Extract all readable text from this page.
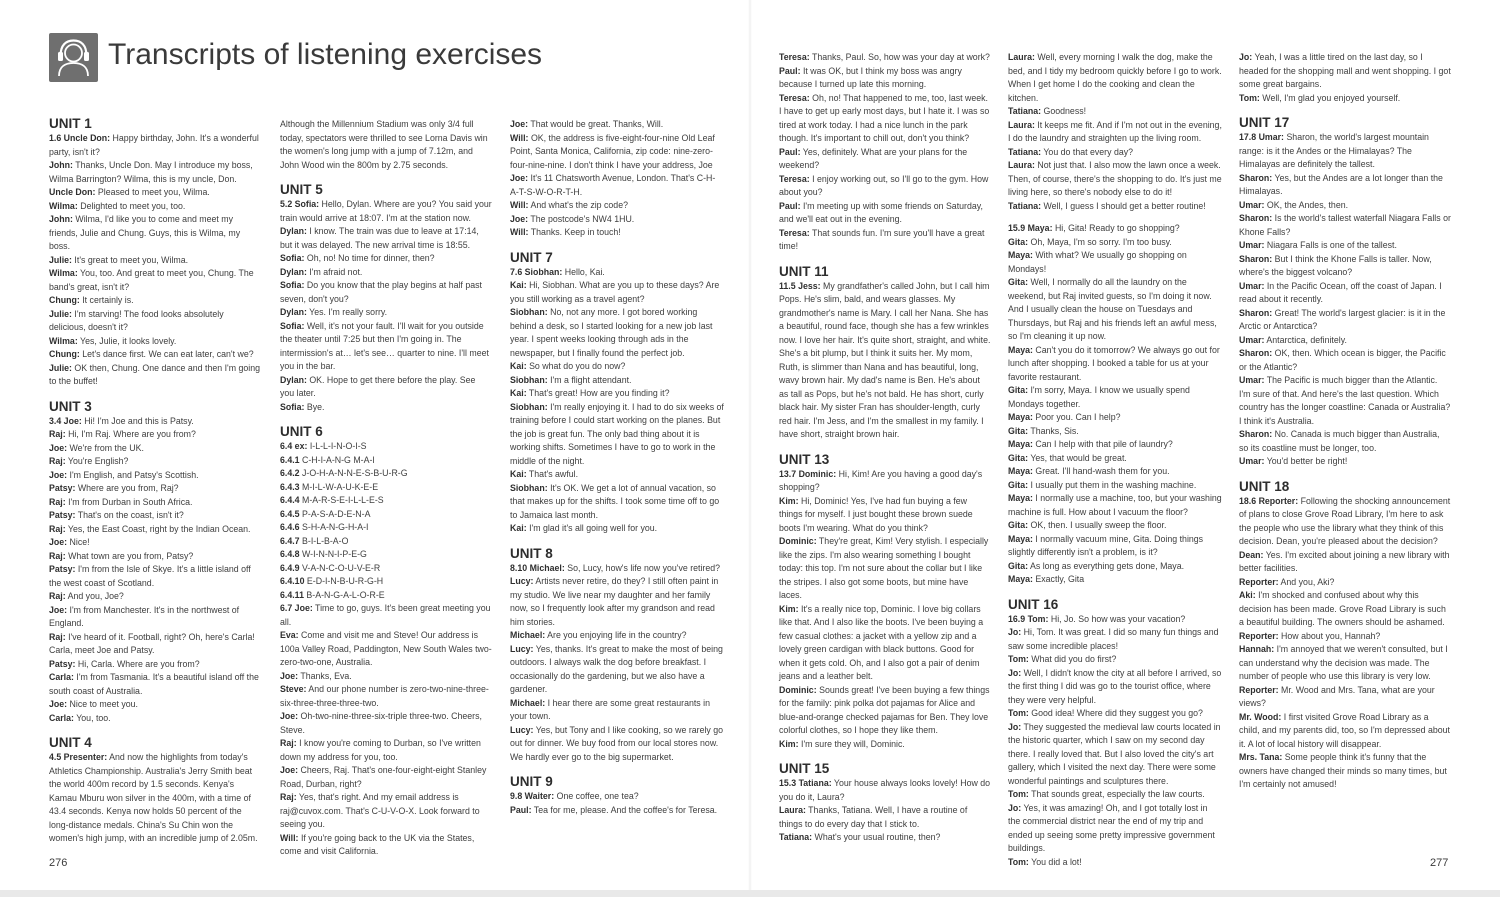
Transcripts of listening exercises

UNIT 1

1.6 Uncle Don: Happy birthday, John. It's a wonderful party, isn't it?

John: Thanks, Uncle Don. May I introduce my boss, Wilma Barrington? Wilma, this is my uncle, Don.

Uncle Don: Pleased to meet you, Wilma.

Wilma: Delighted to meet you, too.

John: Wilma, I'd like you to come and meet my friends, Julie and Chung. Guys, this is Wilma, my boss.

Julie: It's great to meet you, Wilma.

Wilma: You, too. And great to meet you, Chung. The band's great, isn't it?

Chung: It certainly is.

Julie: I'm starving! The food looks absolutely delicious, doesn't it?

Wilma: Yes, Julie, it looks lovely.

Chung: Let's dance first. We can eat later, can't we?

Julie: OK then, Chung. One dance and then I'm going to the buffet!

UNIT 3

3.4 Joe: Hi! I'm Joe and this is Patsy.

Raj: Hi, I'm Raj. Where are you from?

Joe: We're from the UK.

Raj: You're English?

Joe: I'm English, and Patsy's Scottish.

Patsy: Where are you from, Raj?

Raj: I'm from Durban in South Africa.

Patsy: That's on the coast, isn't it?

Raj: Yes, the East Coast, right by the Indian Ocean.

Joe: Nice!

Raj: What town are you from, Patsy?

Patsy: I'm from the Isle of Skye. It's a little island off the west coast of Scotland.

Raj: And you, Joe?

Joe: I'm from Manchester. It's in the northwest of England.

Raj: I've heard of it. Football, right? Oh, here's Carla! Carla, meet Joe and Patsy.

Patsy: Hi, Carla. Where are you from?

Carla: I'm from Tasmania. It's a beautiful island off the south coast of Australia.

Joe: Nice to meet you.

Carla: You, too.

UNIT 4

4.5 Presenter: And now the highlights from today's Athletics Championship. Australia's Jerry Smith beat the world 400m record by 1.5 seconds. Kenya's Kamau Mburu won silver in the 400m, with a time of 43.4 seconds. Kenya now holds 50 percent of the long-distance medals. China's Su Chin won the women's high jump, with an incredible jump of 2.05m.

Although the Millennium Stadium was only 3/4 full today, spectators were thrilled to see Lorna Davis win the women's long jump with a jump of 7.12m, and John Wood win the 800m by 2.75 seconds.

UNIT 5

5.2 Sofia: Hello, Dylan. Where are you? You said your train would arrive at 18:07. I'm at the station now.

Dylan: I know. The train was due to leave at 17:14, but it was delayed. The new arrival time is 18:55.

Sofia: Oh, no! No time for dinner, then?

Dylan: I'm afraid not.

Sofia: Do you know that the play begins at half past seven, don't you?

Dylan: Yes. I'm really sorry.

Sofia: Well, it's not your fault. I'll wait for you outside the theater until 7:25 but then I'm going in. The intermission's at… let's see… quarter to nine. I'll meet you in the bar.

Dylan: OK. Hope to get there before the play. See you later.

Sofia: Bye.

UNIT 6

6.4 ex: I-L-L-I-N-O-I-S

6.4.1 C-H-I-A-N-G M-A-I

6.4.2 J-O-H-A-N-N-E-S-B-U-R-G

6.4.3 M-I-L-W-A-U-K-E-E

6.4.4 M-A-R-S-E-I-L-L-E-S

6.4.5 P-A-S-A-D-E-N-A

6.4.6 S-H-A-N-G-H-A-I

6.4.7 B-I-L-B-A-O

6.4.8 W-I-N-N-I-P-E-G

6.4.9 V-A-N-C-O-U-V-E-R

6.4.10 E-D-I-N-B-U-R-G-H

6.4.11 B-A-N-G-A-L-O-R-E

6.7 Joe: Time to go, guys. It's been great meeting you all.

Eva: Come and visit me and Steve! Our address is 100a Valley Road, Paddington, New South Wales two-zero-two-one, Australia.

Joe: Thanks, Eva.

Steve: And our phone number is zero-two-nine-three-six-three-three-three-two.

Joe: Oh-two-nine-three-six-triple three-two. Cheers, Steve.

Raj: I know you're coming to Durban, so I've written down my address for you, too.

Joe: Cheers, Raj. That's one-four-eight-eight Stanley Road, Durban, right?

Raj: Yes, that's right. And my email address is raj@cuvox.com. That's C-U-V-O-X. Look forward to seeing you.

Will: If you're going back to the UK via the States, come and visit California.

Joe: That would be great. Thanks, Will.

Will: OK, the address is five-eight-four-nine Old Leaf Point, Santa Monica, California, zip code: nine-zero-four-nine-nine. I don't think I have your address, Joe

Joe: It's 11 Chatsworth Avenue, London. That's C-H-A-T-S-W-O-R-T-H.

Will: And what's the zip code?

Joe: The postcode's NW4 1HU.

Will: Thanks. Keep in touch!

UNIT 7

7.6 Siobhan: Hello, Kai.

Kai: Hi, Siobhan. What are you up to these days? Are you still working as a travel agent?

Siobhan: No, not any more. I got bored working behind a desk, so I started looking for a new job last year. I spent weeks looking through ads in the newspaper, but I finally found the perfect job.

Kai: So what do you do now?

Siobhan: I'm a flight attendant.

Kai: That's great! How are you finding it?

Siobhan: I'm really enjoying it. I had to do six weeks of training before I could start working on the planes. But the job is great fun. The only bad thing about it is working shifts. Sometimes I have to go to work in the middle of the night.

Kai: That's awful.

Siobhan: It's OK. We get a lot of annual vacation, so that makes up for the shifts. I took some time off to go to Jamaica last month.

Kai: I'm glad it's all going well for you.

UNIT 8

8.10 Michael: So, Lucy, how's life now you've retired?

Lucy: Artists never retire, do they? I still often paint in my studio. We live near my daughter and her family now, so I frequently look after my grandson and read him stories.

Michael: Are you enjoying life in the country?

Lucy: Yes, thanks. It's great to make the most of being outdoors. I always walk the dog before breakfast. I occasionally do the gardening, but we also have a gardener.

Michael: I hear there are some great restaurants in your town.

Lucy: Yes, but Tony and I like cooking, so we rarely go out for dinner. We buy food from our local stores now. We hardly ever go to the big supermarket.

UNIT 9

9.8 Waiter: One coffee, one tea?

Paul: Tea for me, please. And the coffee's for Teresa.

Teresa: Thanks, Paul. So, how was your day at work?

Paul: It was OK, but I think my boss was angry because I turned up late this morning.

Teresa: Oh, no! That happened to me, too, last week. I have to get up early most days, but I hate it. I was so tired at work today. I had a nice lunch in the park though. It's important to chill out, don't you think?

Paul: Yes, definitely. What are your plans for the weekend?

Teresa: I enjoy working out, so I'll go to the gym. How about you?

Paul: I'm meeting up with some friends on Saturday, and we'll eat out in the evening.

Teresa: That sounds fun. I'm sure you'll have a great time!

UNIT 11

11.5 Jess: My grandfather's called John, but I call him Pops. He's slim, bald, and wears glasses. My grandmother's name is Mary. I call her Nana. She has a beautiful, round face, though she has a few wrinkles now. I love her hair. It's quite short, straight, and white. She's a bit plump, but I think it suits her. My mom, Ruth, is slimmer than Nana and has beautiful, long, wavy brown hair. My dad's name is Ben. He's about as tall as Pops, but he's not bald. He has short, curly black hair. My sister Fran has shoulder-length, curly red hair. I'm Jess, and I'm the smallest in my family. I have short, straight brown hair.

UNIT 13

13.7 Dominic: Hi, Kim! Are you having a good day's shopping?

Kim: Hi, Dominic! Yes, I've had fun buying a few things for myself. I just bought these brown suede boots I'm wearing. What do you think?

Dominic: They're great, Kim! Very stylish. I especially like the zips. I'm also wearing something I bought today: this top. I'm not sure about the collar but I like the stripes. I also got some boots, but mine have laces.

Kim: It's a really nice top, Dominic. I love big collars like that. And I also like the boots. I've been buying a few casual clothes: a jacket with a yellow zip and a lovely green cardigan with black buttons. Good for when it gets cold. Oh, and I also got a pair of denim jeans and a leather belt.

Dominic: Sounds great! I've been buying a few things for the family: pink polka dot pajamas for Alice and blue-and-orange checked pajamas for Ben. They love colorful clothes, so I hope they like them.

Kim: I'm sure they will, Dominic.

UNIT 15

15.3 Tatiana: Your house always looks lovely! How do you do it, Laura?

Laura: Thanks, Tatiana. Well, I have a routine of things to do every day that I stick to.

Tatiana: What's your usual routine, then?

Laura: Well, every morning I walk the dog, make the bed, and I tidy my bedroom quickly before I go to work. When I get home I do the cooking and clean the kitchen.

Tatiana: Goodness!

Laura: It keeps me fit. And if I'm not out in the evening, I do the laundry and straighten up the living room.

Tatiana: You do that every day?

Laura: Not just that. I also mow the lawn once a week. Then, of course, there's the shopping to do. It's just me living here, so there's nobody else to do it!

Tatiana: Well, I guess I should get a better routine!

15.9 Maya: Hi, Gita! Ready to go shopping?

Gita: Oh, Maya, I'm so sorry. I'm too busy.

Maya: With what? We usually go shopping on Mondays!

Gita: Well, I normally do all the laundry on the weekend, but Raj invited guests, so I'm doing it now. And I usually clean the house on Tuesdays and Thursdays, but Raj and his friends left an awful mess, so I'm cleaning it up now.

Maya: Can't you do it tomorrow? We always go out for lunch after shopping. I booked a table for us at your favorite restaurant.

Gita: I'm sorry, Maya. I know we usually spend Mondays together.

Maya: Poor you. Can I help?

Gita: Thanks, Sis.

Maya: Can I help with that pile of laundry?

Gita: Yes, that would be great.

Maya: Great. I'll hand-wash them for you.

Gita: I usually put them in the washing machine.

Maya: I normally use a machine, too, but your washing machine is full. How about I vacuum the floor?

Gita: OK, then. I usually sweep the floor.

Maya: I normally vacuum mine, Gita. Doing things slightly differently isn't a problem, is it?

Gita: As long as everything gets done, Maya.

Maya: Exactly, Gita

UNIT 16

16.9 Tom: Hi, Jo. So how was your vacation?

Jo: Hi, Tom. It was great. I did so many fun things and saw some incredible places!

Tom: What did you do first?

Jo: Well, I didn't know the city at all before I arrived, so the first thing I did was go to the tourist office, where they were very helpful.

Tom: Good idea! Where did they suggest you go?

Jo: They suggested the medieval law courts located in the historic quarter, which I saw on my second day there. I really loved that. But I also loved the city's art gallery, which I visited the next day. There were some wonderful paintings and sculptures there.

Tom: That sounds great, especially the law courts.

Jo: Yes, it was amazing! Oh, and I got totally lost in the commercial district near the end of my trip and ended up seeing some pretty impressive government buildings.

Tom: You did a lot!

Jo: Yeah, I was a little tired on the last day, so I headed for the shopping mall and went shopping. I got some great bargains.

Tom: Well, I'm glad you enjoyed yourself.

UNIT 17

17.8 Umar: Sharon, the world's largest mountain range: is it the Andes or the Himalayas? The Himalayas are definitely the tallest.

Sharon: Yes, but the Andes are a lot longer than the Himalayas.

Umar: OK, the Andes, then.

Sharon: Is the world's tallest waterfall Niagara Falls or Khone Falls?

Umar: Niagara Falls is one of the tallest.

Sharon: But I think the Khone Falls is taller. Now, where's the biggest volcano?

Umar: In the Pacific Ocean, off the coast of Japan. I read about it recently.

Sharon: Great! The world's largest glacier: is it in the Arctic or Antarctica?

Umar: Antarctica, definitely.

Sharon: OK, then. Which ocean is bigger, the Pacific or the Atlantic?

Umar: The Pacific is much bigger than the Atlantic. I'm sure of that. And here's the last question. Which country has the longer coastline: Canada or Australia? I think it's Australia.

Sharon: No. Canada is much bigger than Australia, so its coastline must be longer, too.

Umar: You'd better be right!

UNIT 18

18.6 Reporter: Following the shocking announcement of plans to close Grove Road Library, I'm here to ask the people who use the library what they think of this decision. Dean, you're pleased about the decision?

Dean: Yes. I'm excited about joining a new library with better facilities.

Reporter: And you, Aki?

Aki: I'm shocked and confused about why this decision has been made. Grove Road Library is such a beautiful building. The owners should be ashamed.

Reporter: How about you, Hannah?

Hannah: I'm annoyed that we weren't consulted, but I can understand why the decision was made. The number of people who use this library is very low.

Reporter: Mr. Wood and Mrs. Tana, what are your views?

Mr. Wood: I first visited Grove Road Library as a child, and my parents did, too, so I'm depressed about it. A lot of local history will disappear.

Mrs. Tana: Some people think it's funny that the owners have changed their minds so many times, but I'm certainly not amused!

276	277
